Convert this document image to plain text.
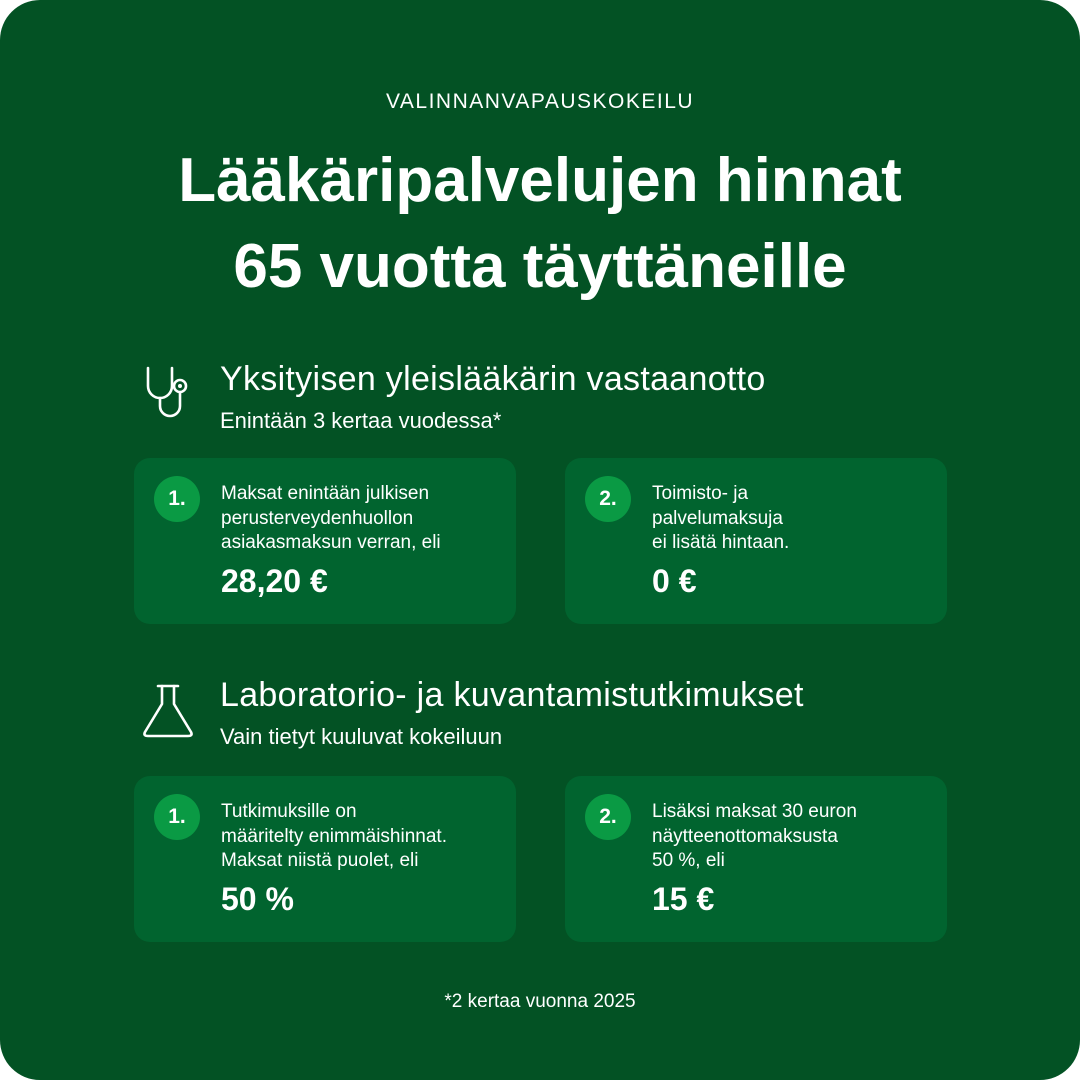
VALINNANVAPAUSKOKEILU
Lääkäripalvelujen hinnat
65 vuotta täyttäneille
Yksityisen yleislääkärin vastaanotto
Enintään 3 kertaa vuodessa*
1.	Maksat enintään julkisen
perusterveydenhuollon
asiakasmaksun verran, eli
28,20 €
2.	Toimisto- ja
palvelumaksuja
ei lisätä hintaan.
0 €
Laboratorio- ja kuvantamistutkimukset
Vain tietyt kuuluvat kokeiluun
1.	Tutkimuksille on
määritelty enimmäishinnat.
Maksat niistä puolet, eli
50 %
2.	Lisäksi maksat 30 euron
näytteenottomaksusta
50 %, eli
15 €
*2 kertaa vuonna 2025
